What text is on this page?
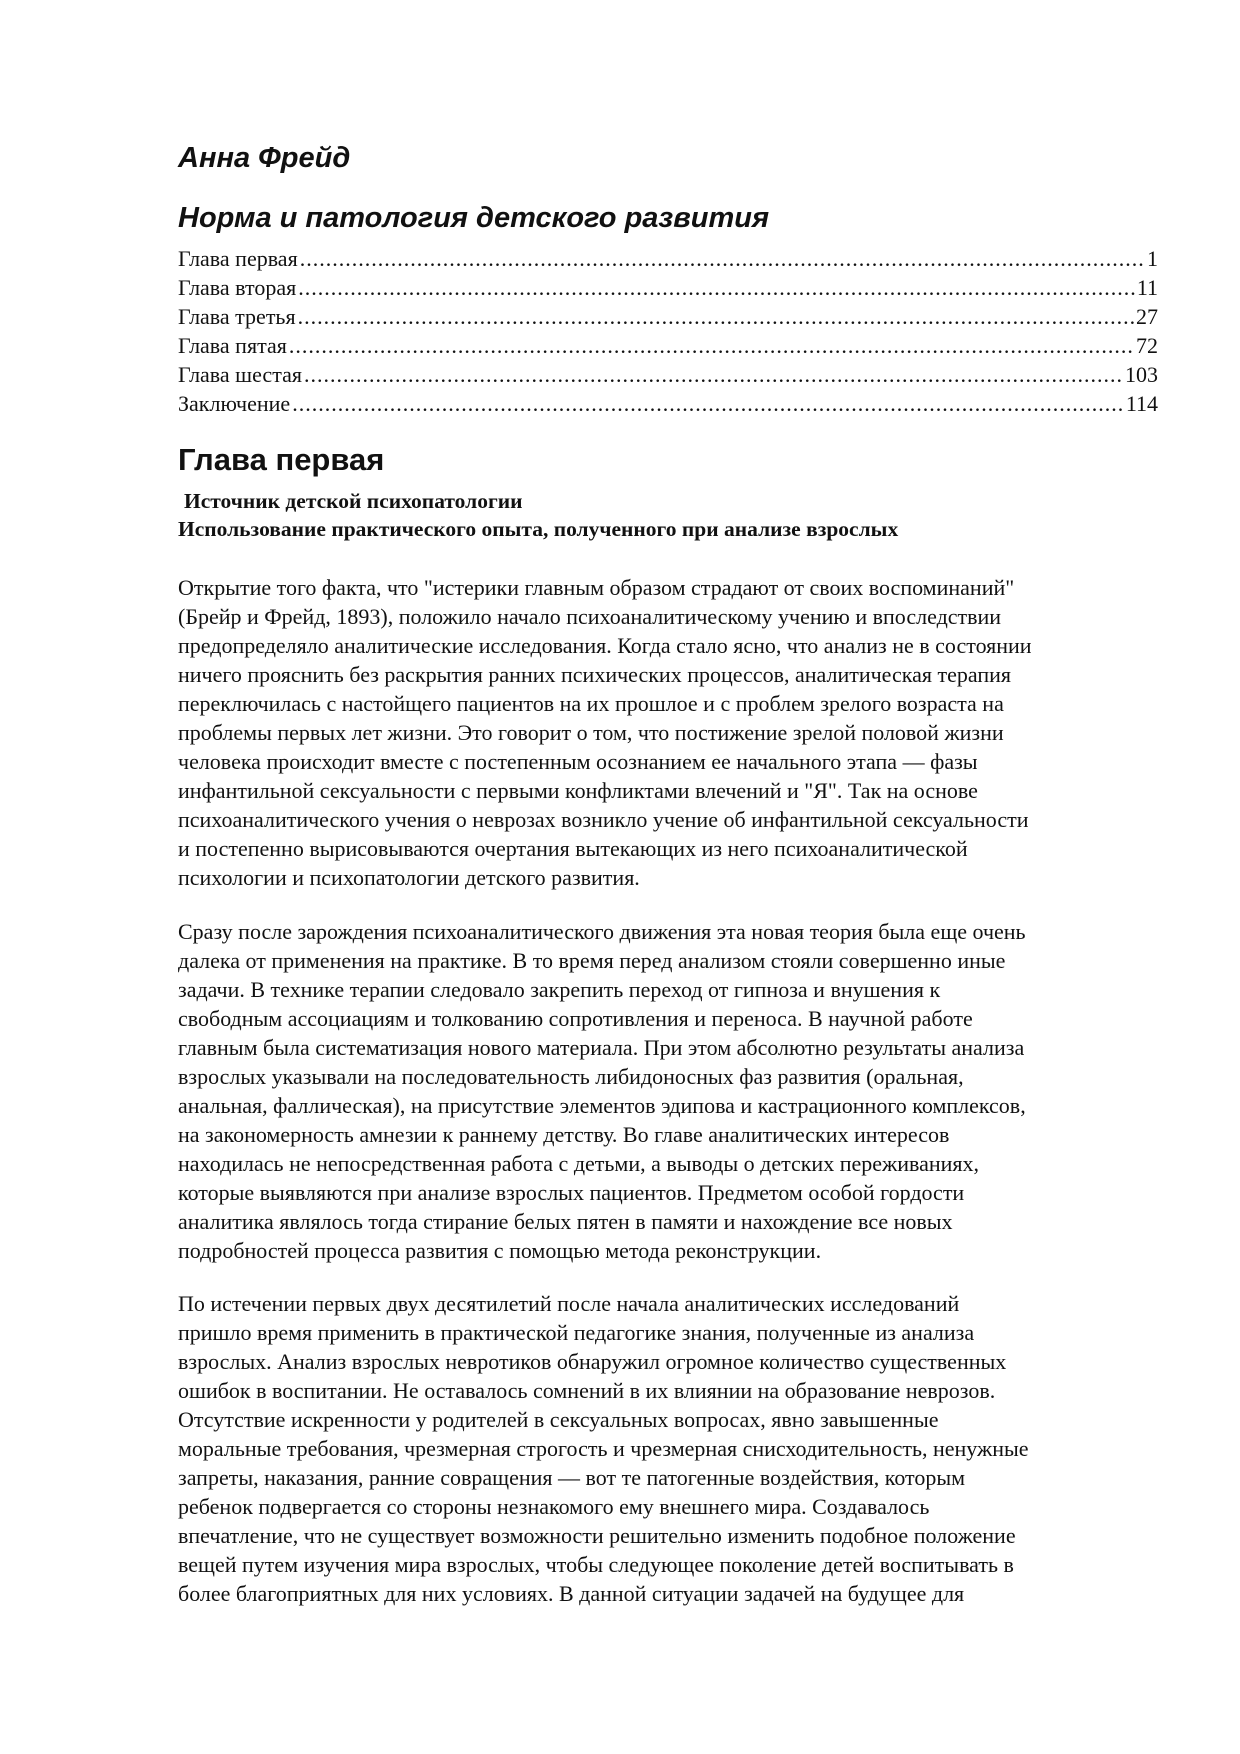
Анна Фрейд
Норма и патология детского развития
Глава первая .....	1
Глава вторая .....	11
Глава третья .....	27
Глава пятая .....	72
Глава шестая .....	103
Заключение .....	114
Глава первая
Источник детской психопатологии
Использование практического опыта, полученного при анализе взрослых

Открытие того факта, что "истерики главным образом страдают от своих воспоминаний"
(Брейр и Фрейд, 1893), положило начало психоаналитическому учению и впоследствии
предопределяло аналитические исследования. Когда стало ясно, что анализ не в состоянии
ничего прояснить без раскрытия ранних психических процессов, аналитическая терапия
переключилась с настойщего пациентов на их прошлое и с проблем зрелого возраста на
проблемы первых лет жизни. Это говорит о том, что постижение зрелой половой жизни
человека происходит вместе с постепенным осознанием ее начального этапа — фазы
инфантильной сексуальности с первыми конфликтами влечений и "Я". Так на основе
психоаналитического учения о неврозах возникло учение об инфантильной сексуальности
и постепенно вырисовываются очертания вытекающих из него психоаналитической
психологии и психопатологии детского развития.

Сразу после зарождения психоаналитического движения эта новая теория была еще очень
далека от применения на практике. В то время перед анализом стояли совершенно иные
задачи. В технике терапии следовало закрепить переход от гипноза и внушения к
свободным ассоциациям и толкованию сопротивления и переноса. В научной работе
главным была систематизация нового материала. При этом абсолютно результаты анализа
взрослых указывали на последовательность либидоносных фаз развития (оральная,
анальная, фаллическая), на присутствие элементов эдипова и кастрационного комплексов,
на закономерность амнезии к раннему детству. Во главе аналитических интересов
находилась не непосредственная работа с детьми, а выводы о детских переживаниях,
которые выявляются при анализе взрослых пациентов. Предметом особой гордости
аналитика являлось тогда стирание белых пятен в памяти и нахождение все новых
подробностей процесса развития с помощью метода реконструкции.

По истечении первых двух десятилетий после начала аналитических исследований
пришло время применить в практической педагогике знания, полученные из анализа
взрослых. Анализ взрослых невротиков обнаружил огромное количество существенных
ошибок в воспитании. Не оставалось сомнений в их влиянии на образование неврозов.
Отсутствие искренности у родителей в сексуальных вопросах, явно завышенные
моральные требования, чрезмерная строгость и чрезмерная снисходительность, ненужные
запреты, наказания, ранние совращения — вот те патогенные воздействия, которым
ребенок подвергается со стороны незнакомого ему внешнего мира. Создавалось
впечатление, что не существует возможности решительно изменить подобное положение
вещей путем изучения мира взрослых, чтобы следующее поколение детей воспитывать в
более благоприятных для них условиях. В данной ситуации задачей на будущее для
